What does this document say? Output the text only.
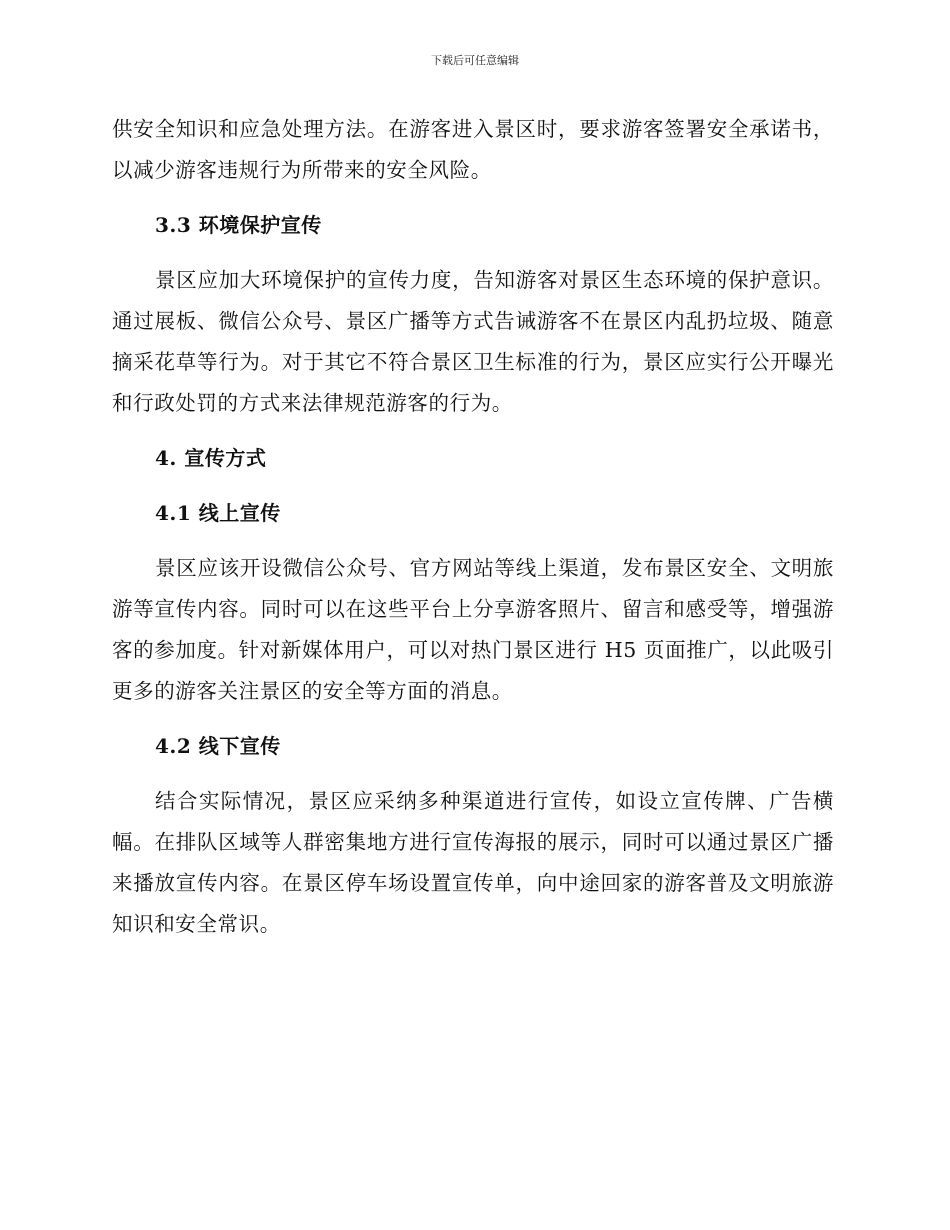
下载后可任意编辑

供安全知识和应急处理方法。在游客进入景区时，要求游客签署安全承诺书，以减少游客违规行为所带来的安全风险。

3.3 环境保护宣传

景区应加大环境保护的宣传力度，告知游客对景区生态环境的保护意识。通过展板、微信公众号、景区广播等方式告诫游客不在景区内乱扔垃圾、随意摘采花草等行为。对于其它不符合景区卫生标准的行为，景区应实行公开曝光和行政处罚的方式来法律规范游客的行为。

4. 宣传方式
4.1 线上宣传

景区应该开设微信公众号、官方网站等线上渠道，发布景区安全、文明旅游等宣传内容。同时可以在这些平台上分享游客照片、留言和感受等，增强游客的参加度。针对新媒体用户，可以对热门景区进行 H5 页面推广，以此吸引更多的游客关注景区的安全等方面的消息。

4.2 线下宣传

结合实际情况，景区应采纳多种渠道进行宣传，如设立宣传牌、广告横幅。在排队区域等人群密集地方进行宣传海报的展示，同时可以通过景区广播来播放宣传内容。在景区停车场设置宣传单，向中途回家的游客普及文明旅游知识和安全常识。
